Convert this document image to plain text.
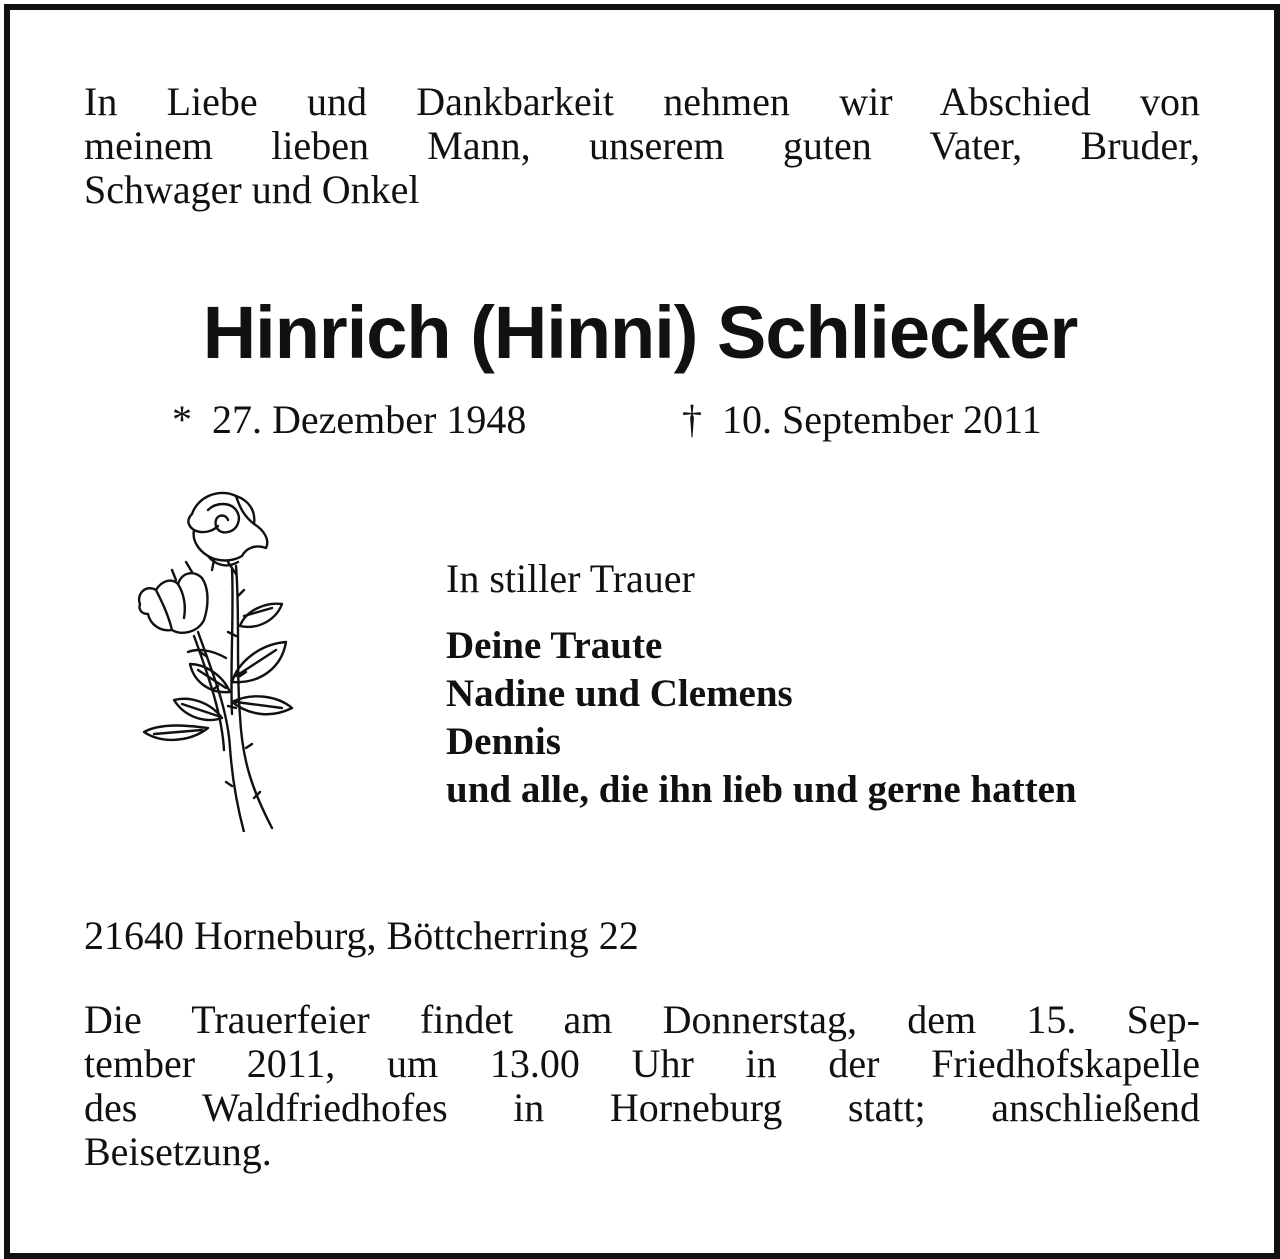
In Liebe und Dankbarkeit nehmen wir Abschied von
meinem lieben Mann, unserem guten Vater, Bruder,
Schwager und Onkel
Hinrich (Hinni) Schliecker
*  27. Dezember 1948	†  10. September 2011
In stiller Trauer
Deine Traute
Nadine und Clemens
Dennis
und alle, die ihn lieb und gerne hatten
21640 Horneburg, Böttcherring 22
Die Trauerfeier findet am Donnerstag, dem 15. Sep-
tember 2011, um 13.00 Uhr in der Friedhofskapelle
des Waldfriedhofes in Horneburg statt; anschließend
Beisetzung.
